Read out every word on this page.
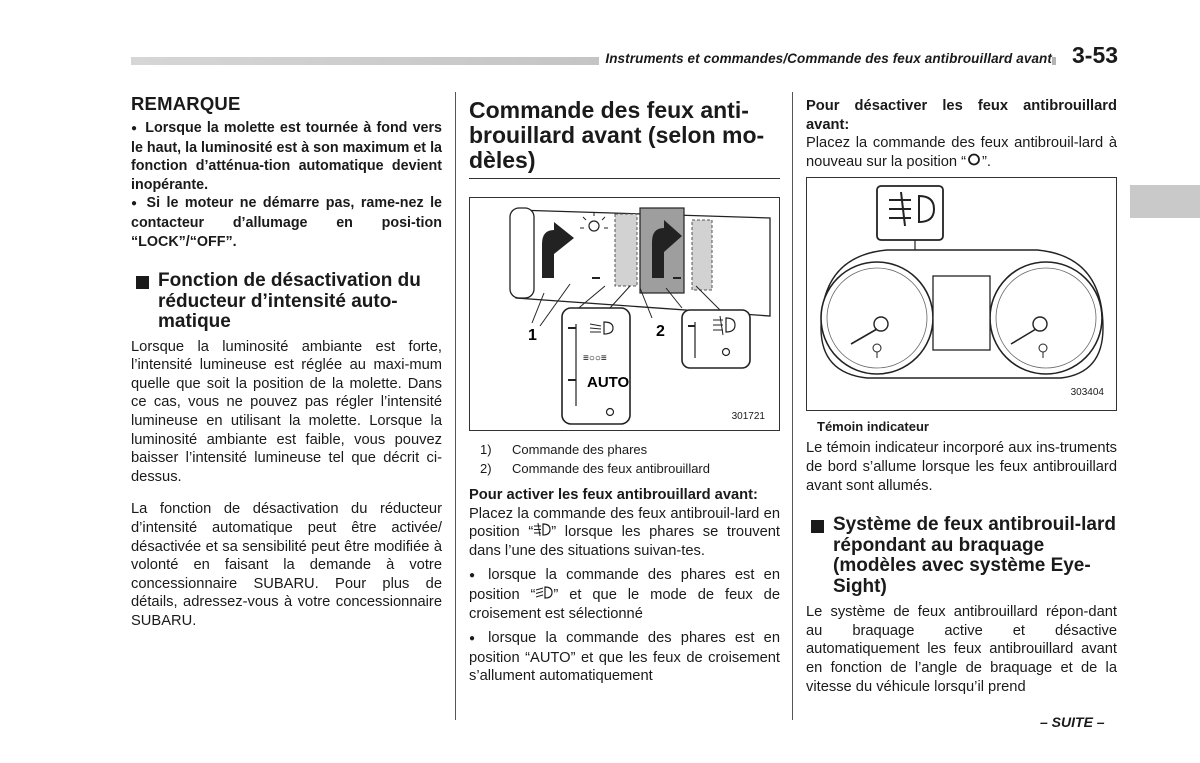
Instruments et commandes/Commande des feux antibrouillard avant 3-53
REMARQUE

● Lorsque la molette est tournée à fond vers le haut, la luminosité est à son maximum et la fonction d’atténua-tion automatique devient inopérante.

● Si le moteur ne démarre pas, rame-nez le contacteur d’allumage en posi-tion “LOCK”/“OFF”.

Fonction de désactivation du réducteur d’intensité auto-matique

Lorsque la luminosité ambiante est forte, l’intensité lumineuse est réglée au maxi-mum quelle que soit la position de la molette. Dans ce cas, vous ne pouvez pas régler l’intensité lumineuse en utilisant la molette. Lorsque la luminosité ambiante est faible, vous pouvez baisser l’intensité lumineuse tel que décrit ci-dessus.

La fonction de désactivation du réducteur d’intensité automatique peut être activée/ désactivée et sa sensibilité peut être modifiée à volonté en faisant la demande à votre concessionnaire SUBARU. Pour plus de détails, adressez-vous à votre concessionnaire SUBARU.

Commande des feux anti-brouillard avant (selon mo-dèles)
1	2
≡○○≡
AUTO
301721
1)	Commande des phares
2)	Commande des feux antibrouillard

Pour activer les feux antibrouillard avant:

Placez la commande des feux antibrouil-lard en position “ ” lorsque les phares se trouvent dans l’une des situations suivan-tes.

● lorsque la commande des phares est en position “ ” et que le mode de feux de croisement est sélectionné

● lorsque la commande des phares est en position “AUTO” et que les feux de croisement s’allument automatiquement

Pour désactiver les feux antibrouillard avant:

Placez la commande des feux antibrouil-lard à nouveau sur la position “ ”.

303404
Témoin indicateur

Le témoin indicateur incorporé aux ins-truments de bord s’allume lorsque les feux antibrouillard avant sont allumés.

Système de feux antibrouil-lard répondant au braquage (modèles avec système Eye-Sight)

Le système de feux antibrouillard répon-dant au braquage active et désactive automatiquement les feux antibrouillard avant en fonction de l’angle de braquage et de la vitesse du véhicule lorsqu’il prend

– SUITE –
